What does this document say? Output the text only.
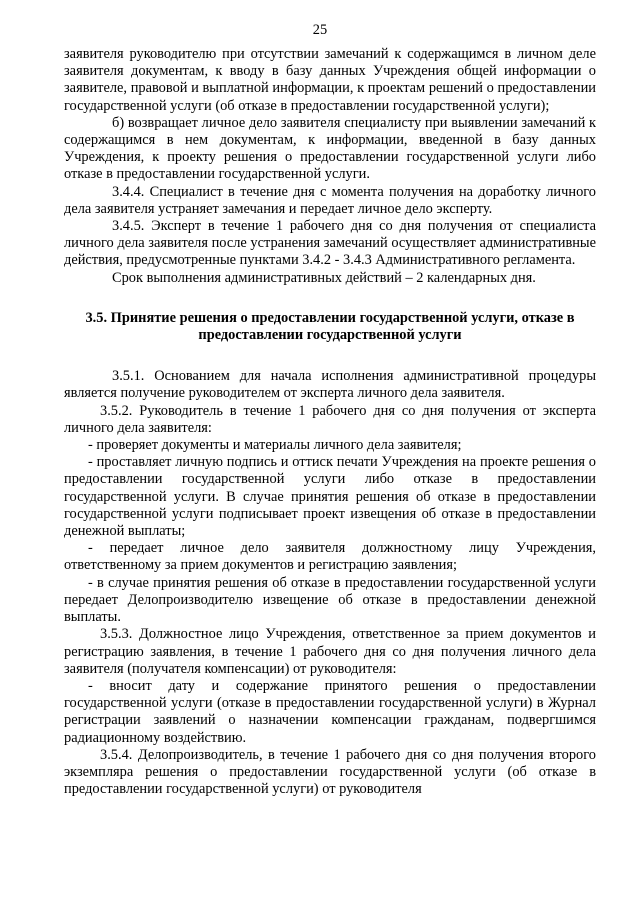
25

заявителя руководителю при отсутствии замечаний к содержащимся в личном деле заявителя документам, к вводу в базу данных Учреждения общей информации о заявителе, правовой и выплатной информации, к проектам решений о предоставлении государственной услуги (об отказе в предоставлении государственной услуги);

б) возвращает личное дело заявителя специалисту при выявлении замечаний к содержащимся в нем документам, к информации, введенной в базу данных Учреждения, к проекту решения о предоставлении государственной услуги либо отказе в предоставлении государственной услуги.

3.4.4. Специалист в течение дня с момента получения на доработку личного дела заявителя устраняет замечания и передает личное дело эксперту.

3.4.5. Эксперт в течение 1 рабочего дня со дня получения от специалиста личного дела заявителя после устранения замечаний осуществляет административные действия, предусмотренные пунктами 3.4.2 - 3.4.3 Административного регламента.

Срок выполнения административных действий – 2 календарных дня.

3.5. Принятие решения о предоставлении государственной услуги, отказе в предоставлении государственной услуги

3.5.1. Основанием для начала исполнения административной процедуры является получение руководителем от эксперта личного дела заявителя.

3.5.2. Руководитель в течение 1 рабочего дня со дня получения от эксперта личного дела заявителя:

- проверяет документы и материалы личного дела заявителя;

- проставляет личную подпись и оттиск печати Учреждения на проекте решения о предоставлении государственной услуги либо отказе в предоставлении государственной услуги. В случае принятия решения об отказе в предоставлении государственной услуги подписывает проект извещения об отказе в предоставлении денежной выплаты;

- передает личное дело заявителя должностному лицу Учреждения, ответственному за прием документов и регистрацию заявления;

- в случае принятия решения об отказе в предоставлении государственной услуги передает Делопроизводителю извещение об отказе в предоставлении денежной выплаты.

3.5.3. Должностное лицо Учреждения, ответственное за прием документов и регистрацию заявления, в течение 1 рабочего дня со дня получения личного дела заявителя (получателя компенсации) от руководителя:

- вносит дату и содержание принятого решения о предоставлении государственной услуги (отказе в предоставлении государственной услуги) в Журнал регистрации заявлений о назначении компенсации гражданам, подвергшимся радиационному воздействию.

3.5.4. Делопроизводитель, в течение 1 рабочего дня со дня получения второго экземпляра решения о предоставлении государственной услуги (об отказе в предоставлении государственной услуги) от руководителя
